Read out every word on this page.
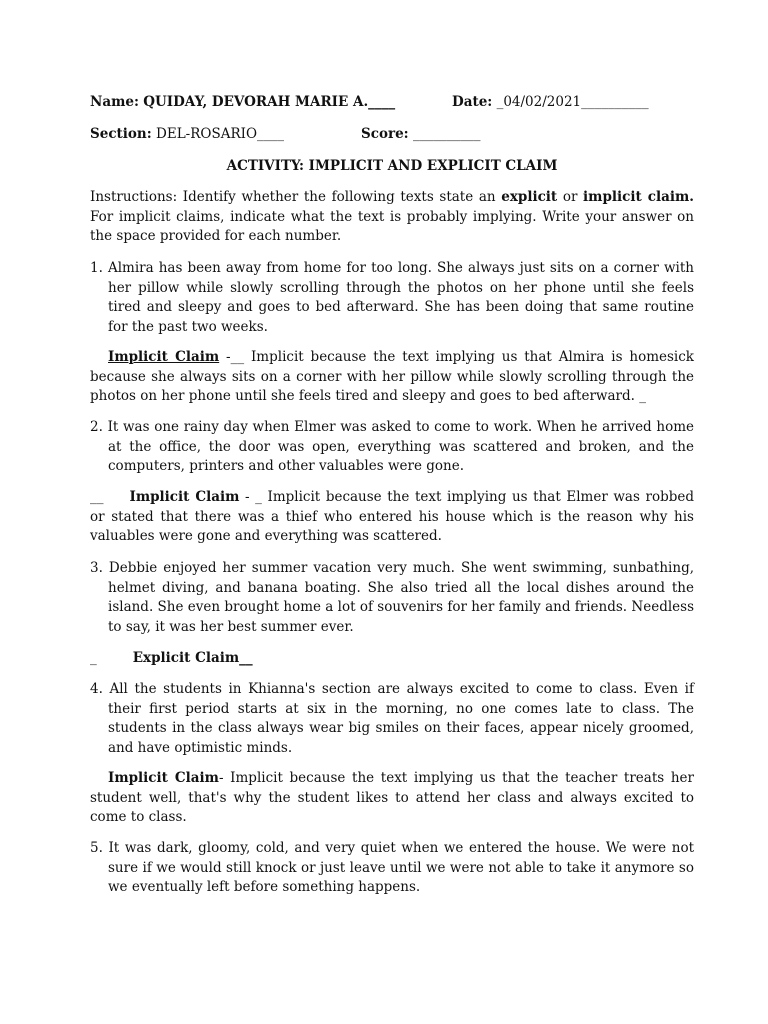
Name: QUIDAY, DEVORAH MARIE A.____	Date: _04/02/2021__________
Section: DEL-ROSARIO____	Score: __________
ACTIVITY: IMPLICIT AND EXPLICIT CLAIM
Instructions: Identify whether the following texts state an explicit or implicit claim. For implicit claims, indicate what the text is probably implying. Write your answer on the space provided for each number.
1. Almira has been away from home for too long. She always just sits on a corner with her pillow while slowly scrolling through the photos on her phone until she feels tired and sleepy and goes to bed afterward. She has been doing that same routine for the past two weeks.
Implicit Claim -__ Implicit because the text implying us that Almira is homesick because she always sits on a corner with her pillow while slowly scrolling through the photos on her phone until she feels tired and sleepy and goes to bed afterward. _
2. It was one rainy day when Elmer was asked to come to work. When he arrived home at the office, the door was open, everything was scattered and broken, and the computers, printers and other valuables were gone.
__ Implicit Claim - _ Implicit because the text implying us that Elmer was robbed or stated that there was a thief who entered his house which is the reason why his valuables were gone and everything was scattered.
3. Debbie enjoyed her summer vacation very much. She went swimming, sunbathing, helmet diving, and banana boating. She also tried all the local dishes around the island. She even brought home a lot of souvenirs for her family and friends. Needless to say, it was her best summer ever.
_	Explicit Claim__
4. All the students in Khianna's section are always excited to come to class. Even if their first period starts at six in the morning, no one comes late to class. The students in the class always wear big smiles on their faces, appear nicely groomed, and have optimistic minds.
Implicit Claim- Implicit because the text implying us that the teacher treats her student well, that's why the student likes to attend her class and always excited to come to class.
5. It was dark, gloomy, cold, and very quiet when we entered the house. We were not sure if we would still knock or just leave until we were not able to take it anymore so we eventually left before something happens.
